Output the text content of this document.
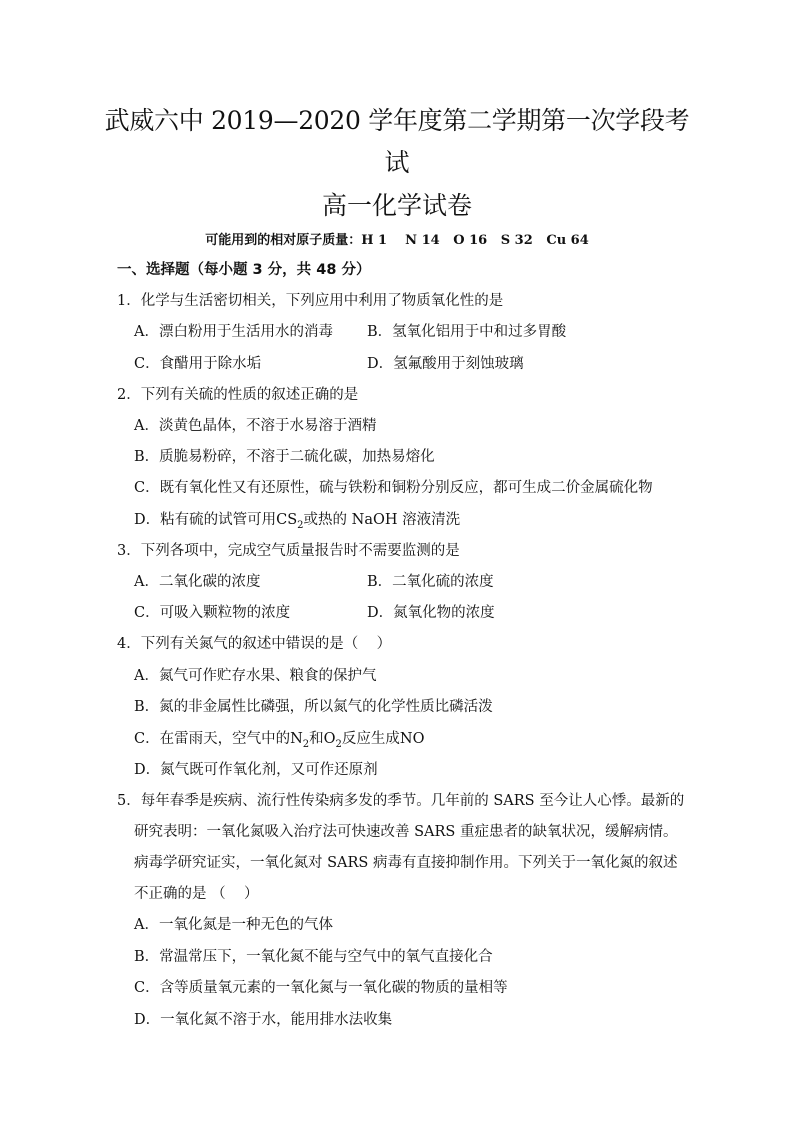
武威六中 2019—2020 学年度第二学期第一次学段考
试
高一化学试卷
可能用到的相对原子质量：H 1    N 14   O 16   S 32   Cu 64
一、选择题（每小题 3 分，共 48 分）
1．化学与生活密切相关，下列应用中利用了物质氧化性的是
A．漂白粉用于生活用水的消毒 B．氢氧化铝用于中和过多胃酸
C．食醋用于除水垢	D．氢氟酸用于刻蚀玻璃
2．下列有关硫的性质的叙述正确的是
A．淡黄色晶体，不溶于水易溶于酒精
B．质脆易粉碎，不溶于二硫化碳，加热易熔化
C．既有氧化性又有还原性，硫与铁粉和铜粉分别反应，都可生成二价金属硫化物
D．粘有硫的试管可用$CS_2$或热的 NaOH 溶液清洗
3．下列各项中，完成空气质量报告时不需要监测的是
A．二氧化碳的浓度	B．二氧化硫的浓度
C．可吸入颗粒物的浓度	D．氮氧化物的浓度
4．下列有关氮气的叙述中错误的是（    ）
A．氮气可作贮存水果、粮食的保护气
B．氮的非金属性比磷强，所以氮气的化学性质比磷活泼
C．在雷雨天，空气中的$N_2$和$O_2$反应生成NO
D．氮气既可作氧化剂，又可作还原剂
5．每年春季是疾病、流行性传染病多发的季节。几年前的 SARS 至今让人心悸。最新的
研究表明：一氧化氮吸入治疗法可快速改善 SARS 重症患者的缺氧状况，缓解病情。
病毒学研究证实，一氧化氮对 SARS 病毒有直接抑制作用。下列关于一氧化氮的叙述
不正确的是 （    ）
A．一氧化氮是一种无色的气体
B．常温常压下，一氧化氮不能与空气中的氧气直接化合
C．含等质量氧元素的一氧化氮与一氧化碳的物质的量相等
D．一氧化氮不溶于水，能用排水法收集
